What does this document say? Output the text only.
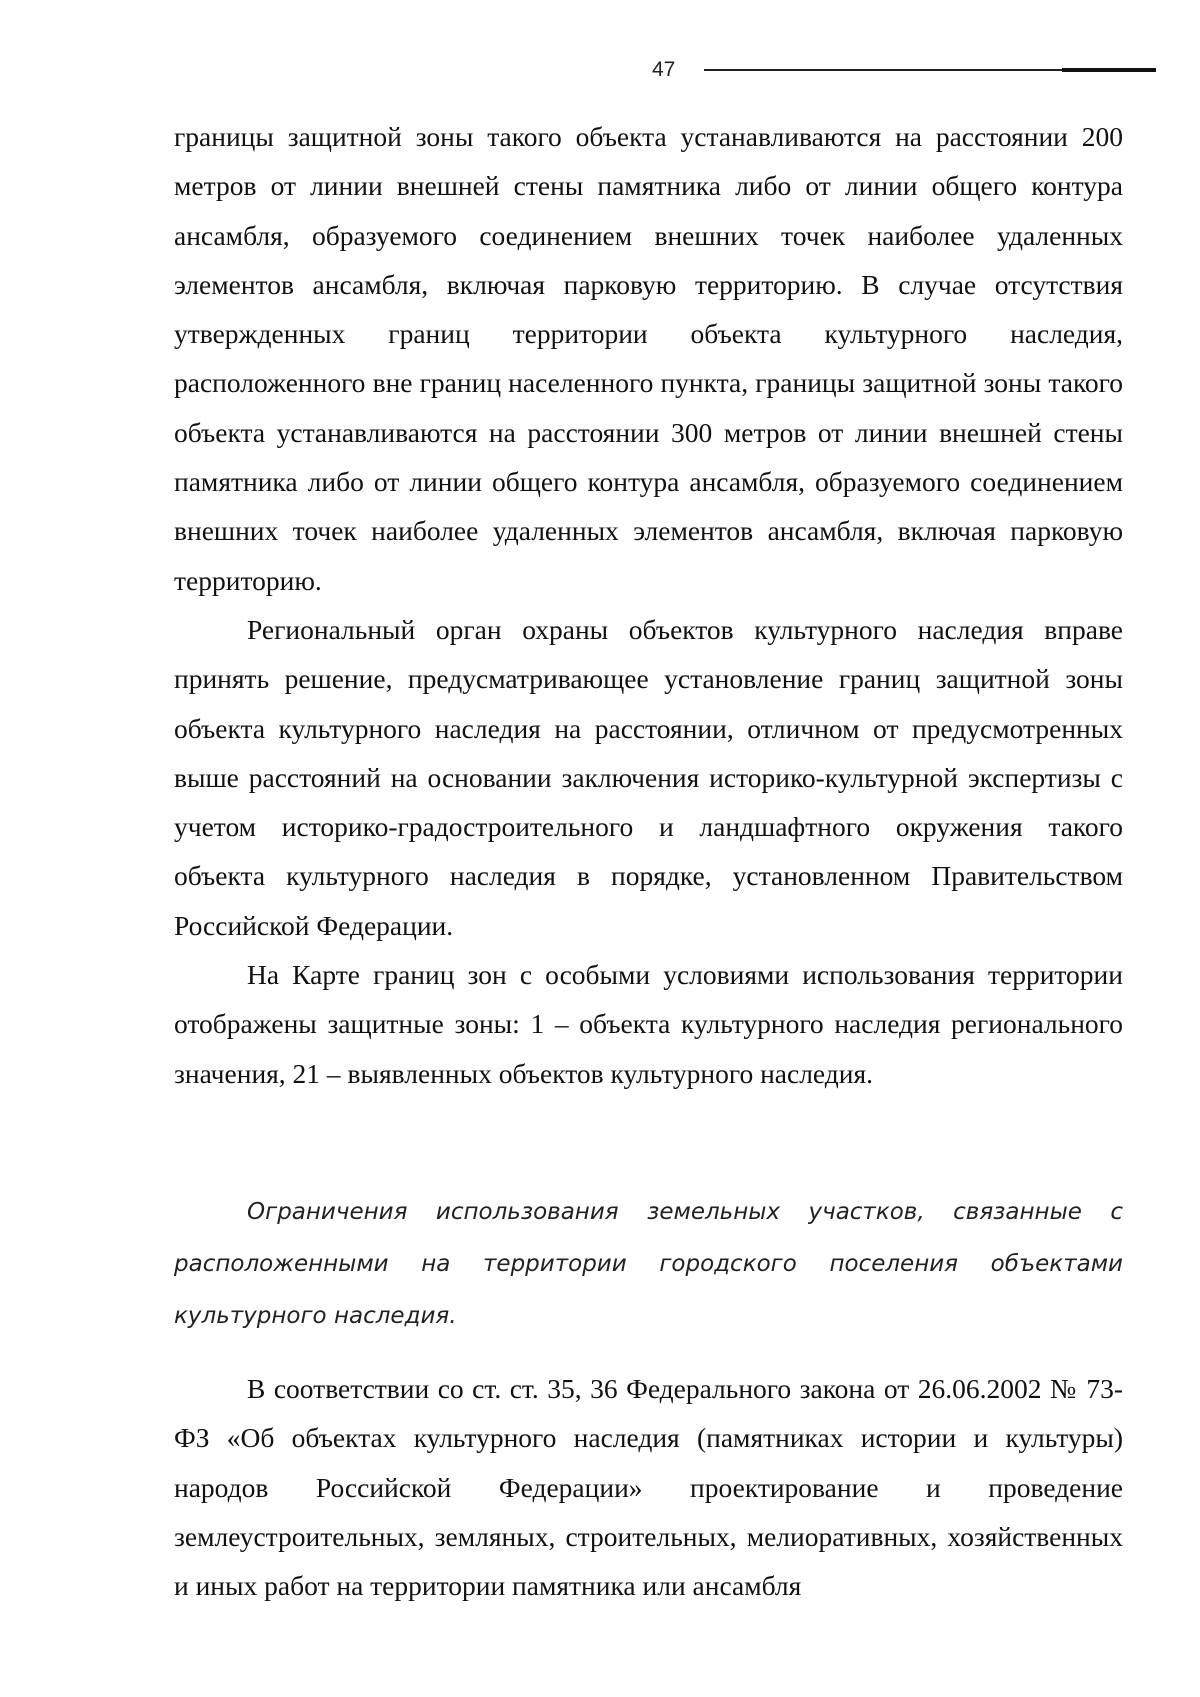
47

границы защитной зоны такого объекта устанавливаются на расстоянии 200 метров от линии внешней стены памятника либо от линии общего контура ансамбля, образуемого соединением внешних точек наиболее удаленных элементов ансамбля, включая парковую территорию. В случае отсутствия утвержденных границ территории объекта культурного наследия, расположенного вне границ населенного пункта, границы защитной зоны такого объекта устанавливаются на расстоянии 300 метров от линии внешней стены памятника либо от линии общего контура ансамбля, образуемого соединением внешних точек наиболее удаленных элементов ансамбля, включая парковую территорию.

Региональный орган охраны объектов культурного наследия вправе принять решение, предусматривающее установление границ защитной зоны объекта культурного наследия на расстоянии, отличном от предусмотренных выше расстояний на основании заключения историко-культурной экспертизы с учетом историко-градостроительного и ландшафтного окружения такого объекта культурного наследия в порядке, установленном Правительством Российской Федерации.

На Карте границ зон с особыми условиями использования территории отображены защитные зоны: 1 – объекта культурного наследия регионального значения, 21 – выявленных объектов культурного наследия.

Ограничения использования земельных участков, связанные с расположенными на территории городского поселения объектами культурного наследия.

В соответствии со ст. ст. 35, 36 Федерального закона от 26.06.2002 № 73-ФЗ «Об объектах культурного наследия (памятниках истории и культуры) народов Российской Федерации» проектирование и проведение землеустроительных, земляных, строительных, мелиоративных, хозяйственных и иных работ на территории памятника или ансамбля
